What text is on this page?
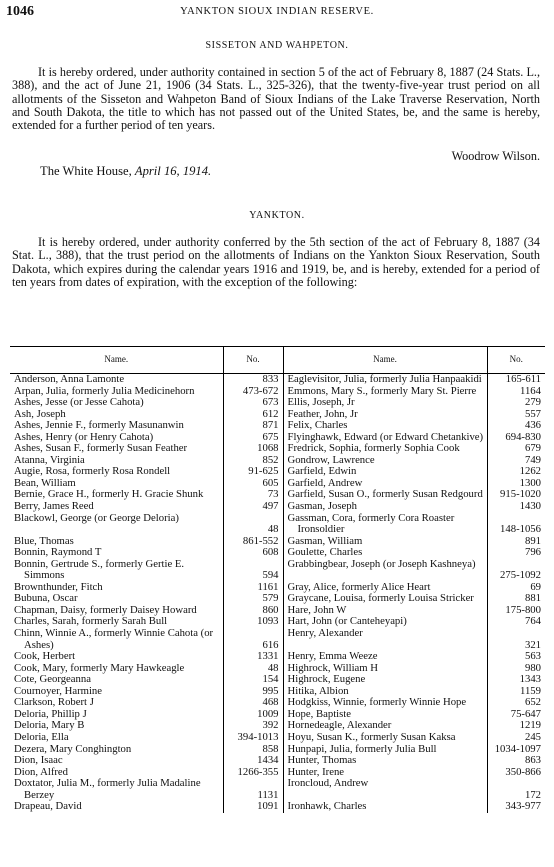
1046	YANKTON SIOUX INDIAN RESERVE.
SISSETON AND WAHPETON.
It is hereby ordered, under authority contained in section 5 of the act of February 8, 1887 (24 Stats. L., 388), and the act of June 21, 1906 (34 Stats. L., 325-326), that the twenty-five-year trust period on all allotments of the Sisseton and Wahpeton Band of Sioux Indians of the Lake Traverse Reservation, North and South Dakota, the title to which has not passed out of the United States, be, and the same is hereby, extended for a further period of ten years.
Woodrow Wilson.
The White House, April 16, 1914.
YANKTON.
It is hereby ordered, under authority conferred by the 5th section of the act of February 8, 1887 (34 Stat. L., 388), that the trust period on the allotments of Indians on the Yankton Sioux Reservation, South Dakota, which expires during the calendar years 1916 and 1919, be, and is hereby, extended for a period of ten years from dates of expiration, with the exception of the following:
Name.	No.	Name.	No.

Anderson, Anna Lamonte	833	Eaglevisitor, Julia, formerly Julia Hanpaakidi	165-611

Arpan, Julia, formerly Julia Medicinehorn	473-672	Emmons, Mary S., formerly Mary St. Pierre	1164

Ashes, Jesse (or Jesse Cahota)	673	Ellis, Joseph, Jr	279

Ash, Joseph	612	Feather, John, Jr	557

Ashes, Jennie F., formerly Masunanwin	871	Felix, Charles	436

Ashes, Henry (or Henry Cahota)	675	Flyinghawk, Edward (or Edward Chetankive)	694-830

Ashes, Susan F., formerly Susan Feather	1068	Fredrick, Sophia, formerly Sophia Cook	679

Atanna, Virginia	852	Gondrow, Lawrence	749

Augie, Rosa, formerly Rosa Rondell	91-625	Garfield, Edwin	1262

Bean, William	605	Garfield, Andrew	1300

Bernie, Grace H., formerly H. Gracie Shunk	73	Garfield, Susan O., formerly Susan Redgourd	915-1020

Berry, James Reed	497	Gasman, Joseph	1430

Blackowl, George (or George Deloria)	48	Gassman, Cora, formerly Cora Roaster Ironsoldier	148-1056

Blue, Thomas	861-552	Gasman, William	891

Bonnin, Raymond T	608	Goulette, Charles	796

Bonnin, Gertrude S., formerly Gertie E. Simmons	594	Grabbingbear, Joseph (or Joseph Kashneya)	275-1092

Brownthunder, Fitch	1161	Gray, Alice, formerly Alice Heart	69

Bubuna, Oscar	579	Graycane, Louisa, formerly Louisa Stricker	881

Chapman, Daisy, formerly Daisey Howard	860	Hare, John W	175-800

Charles, Sarah, formerly Sarah Bull	1093	Hart, John (or Canteheyapi)	764

Chinn, Winnie A., formerly Winnie Cahota (or Ashes)	616	Henry, Alexander	321

Cook, Herbert	1331	Henry, Emma Weeze	563

Cook, Mary, formerly Mary Hawkeagle	48	Highrock, William H	980

Cote, Georgeanna	154	Highrock, Eugene	1343

Cournoyer, Harmine	995	Hitika, Albion	1159

Clarkson, Robert J	468	Hodgkiss, Winnie, formerly Winnie Hope	652

Deloria, Phillip J	1009	Hope, Baptiste	75-647

Deloria, Mary B	392	Hornedeagle, Alexander	1219

Deloria, Ella	394-1013	Hoyu, Susan K., formerly Susan Kaksa	245

Dezera, Mary Conghington	858	Hunpapi, Julia, formerly Julia Bull	1034-1097

Dion, Isaac	1434	Hunter, Thomas	863

Dion, Alfred	1266-355	Hunter, Irene	350-866

Doxtator, Julia M., formerly Julia Madaline Berzey	1131	Ironcloud, Andrew	172

Drapeau, David	1091	Ironhawk, Charles	343-977
